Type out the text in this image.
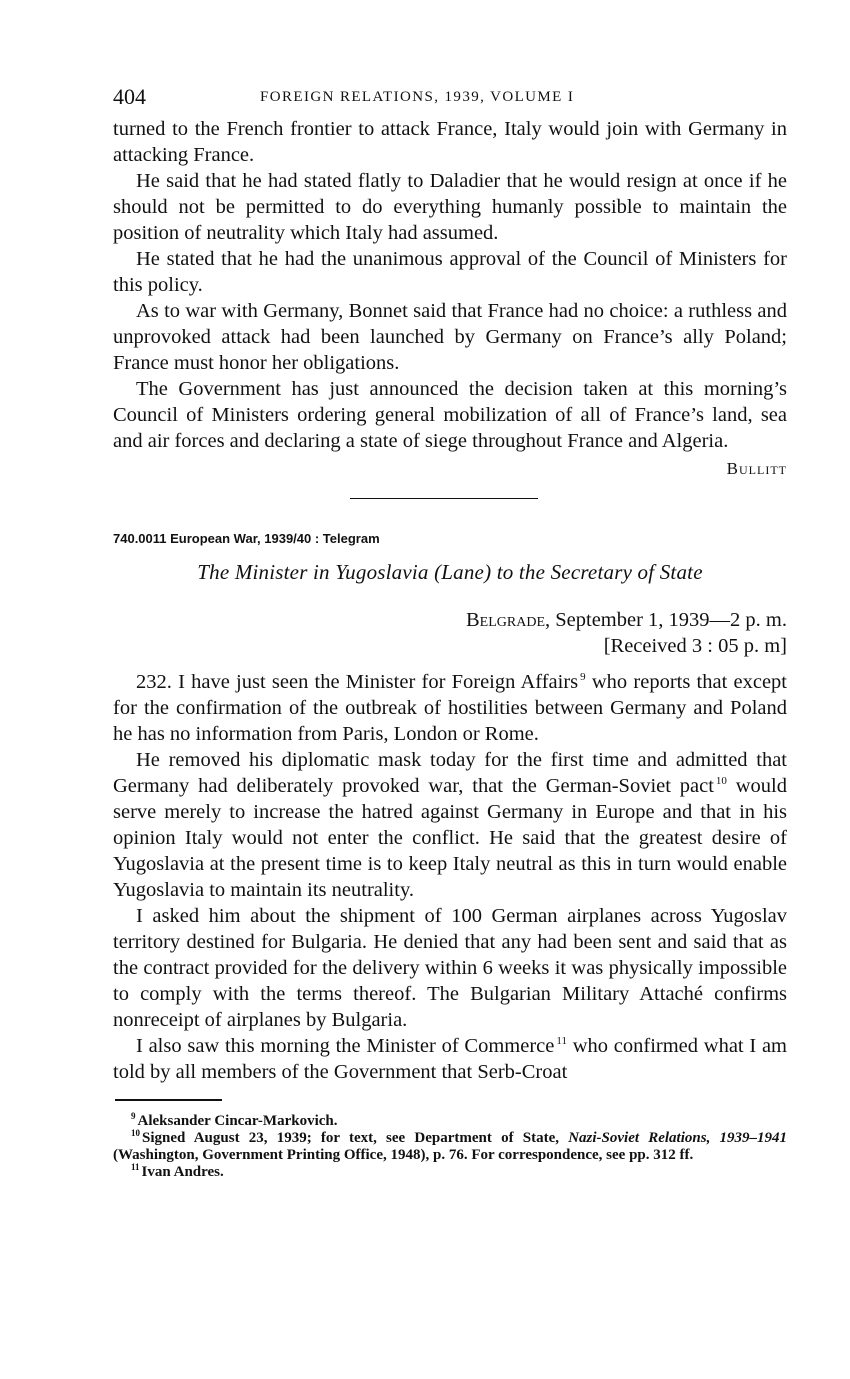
404	FOREIGN RELATIONS, 1939, VOLUME I

turned to the French frontier to attack France, Italy would join with Germany in attacking France.

He said that he had stated flatly to Daladier that he would resign at once if he should not be permitted to do everything humanly possible to maintain the position of neutrality which Italy had assumed.

He stated that he had the unanimous approval of the Council of Ministers for this policy.

As to war with Germany, Bonnet said that France had no choice: a ruthless and unprovoked attack had been launched by Germany on France’s ally Poland; France must honor her obligations.

The Government has just announced the decision taken at this morning’s Council of Ministers ordering general mobilization of all of France’s land, sea and air forces and declaring a state of siege throughout France and Algeria.

Bullitt
740.0011 European War, 1939/40 : Telegram
The Minister in Yugoslavia (Lane) to the Secretary of State
Belgrade, September 1, 1939—2 p. m.
[Received 3 : 05 p. m]

232. I have just seen the Minister for Foreign Affairs $^9$ who reports that except for the confirmation of the outbreak of hostilities between Germany and Poland he has no information from Paris, London or Rome.

He removed his diplomatic mask today for the first time and admitted that Germany had deliberately provoked war, that the German-Soviet pact $^{10}$ would serve merely to increase the hatred against Germany in Europe and that in his opinion Italy would not enter the conflict. He said that the greatest desire of Yugoslavia at the present time is to keep Italy neutral as this in turn would enable Yugoslavia to maintain its neutrality.

I asked him about the shipment of 100 German airplanes across Yugoslav territory destined for Bulgaria. He denied that any had been sent and said that as the contract provided for the delivery within 6 weeks it was physically impossible to comply with the terms thereof. The Bulgarian Military Attaché confirms nonreceipt of airplanes by Bulgaria.

I also saw this morning the Minister of Commerce $^{11}$ who confirmed what I am told by all members of the Government that Serb-Croat

$^9$ Aleksander Cincar-Markovich.

$^{10}$ Signed August 23, 1939; for text, see Department of State, Nazi-Soviet Relations, 1939–1941 (Washington, Government Printing Office, 1948), p. 76. For correspondence, see pp. 312 ff.

$^{11}$ Ivan Andres.
